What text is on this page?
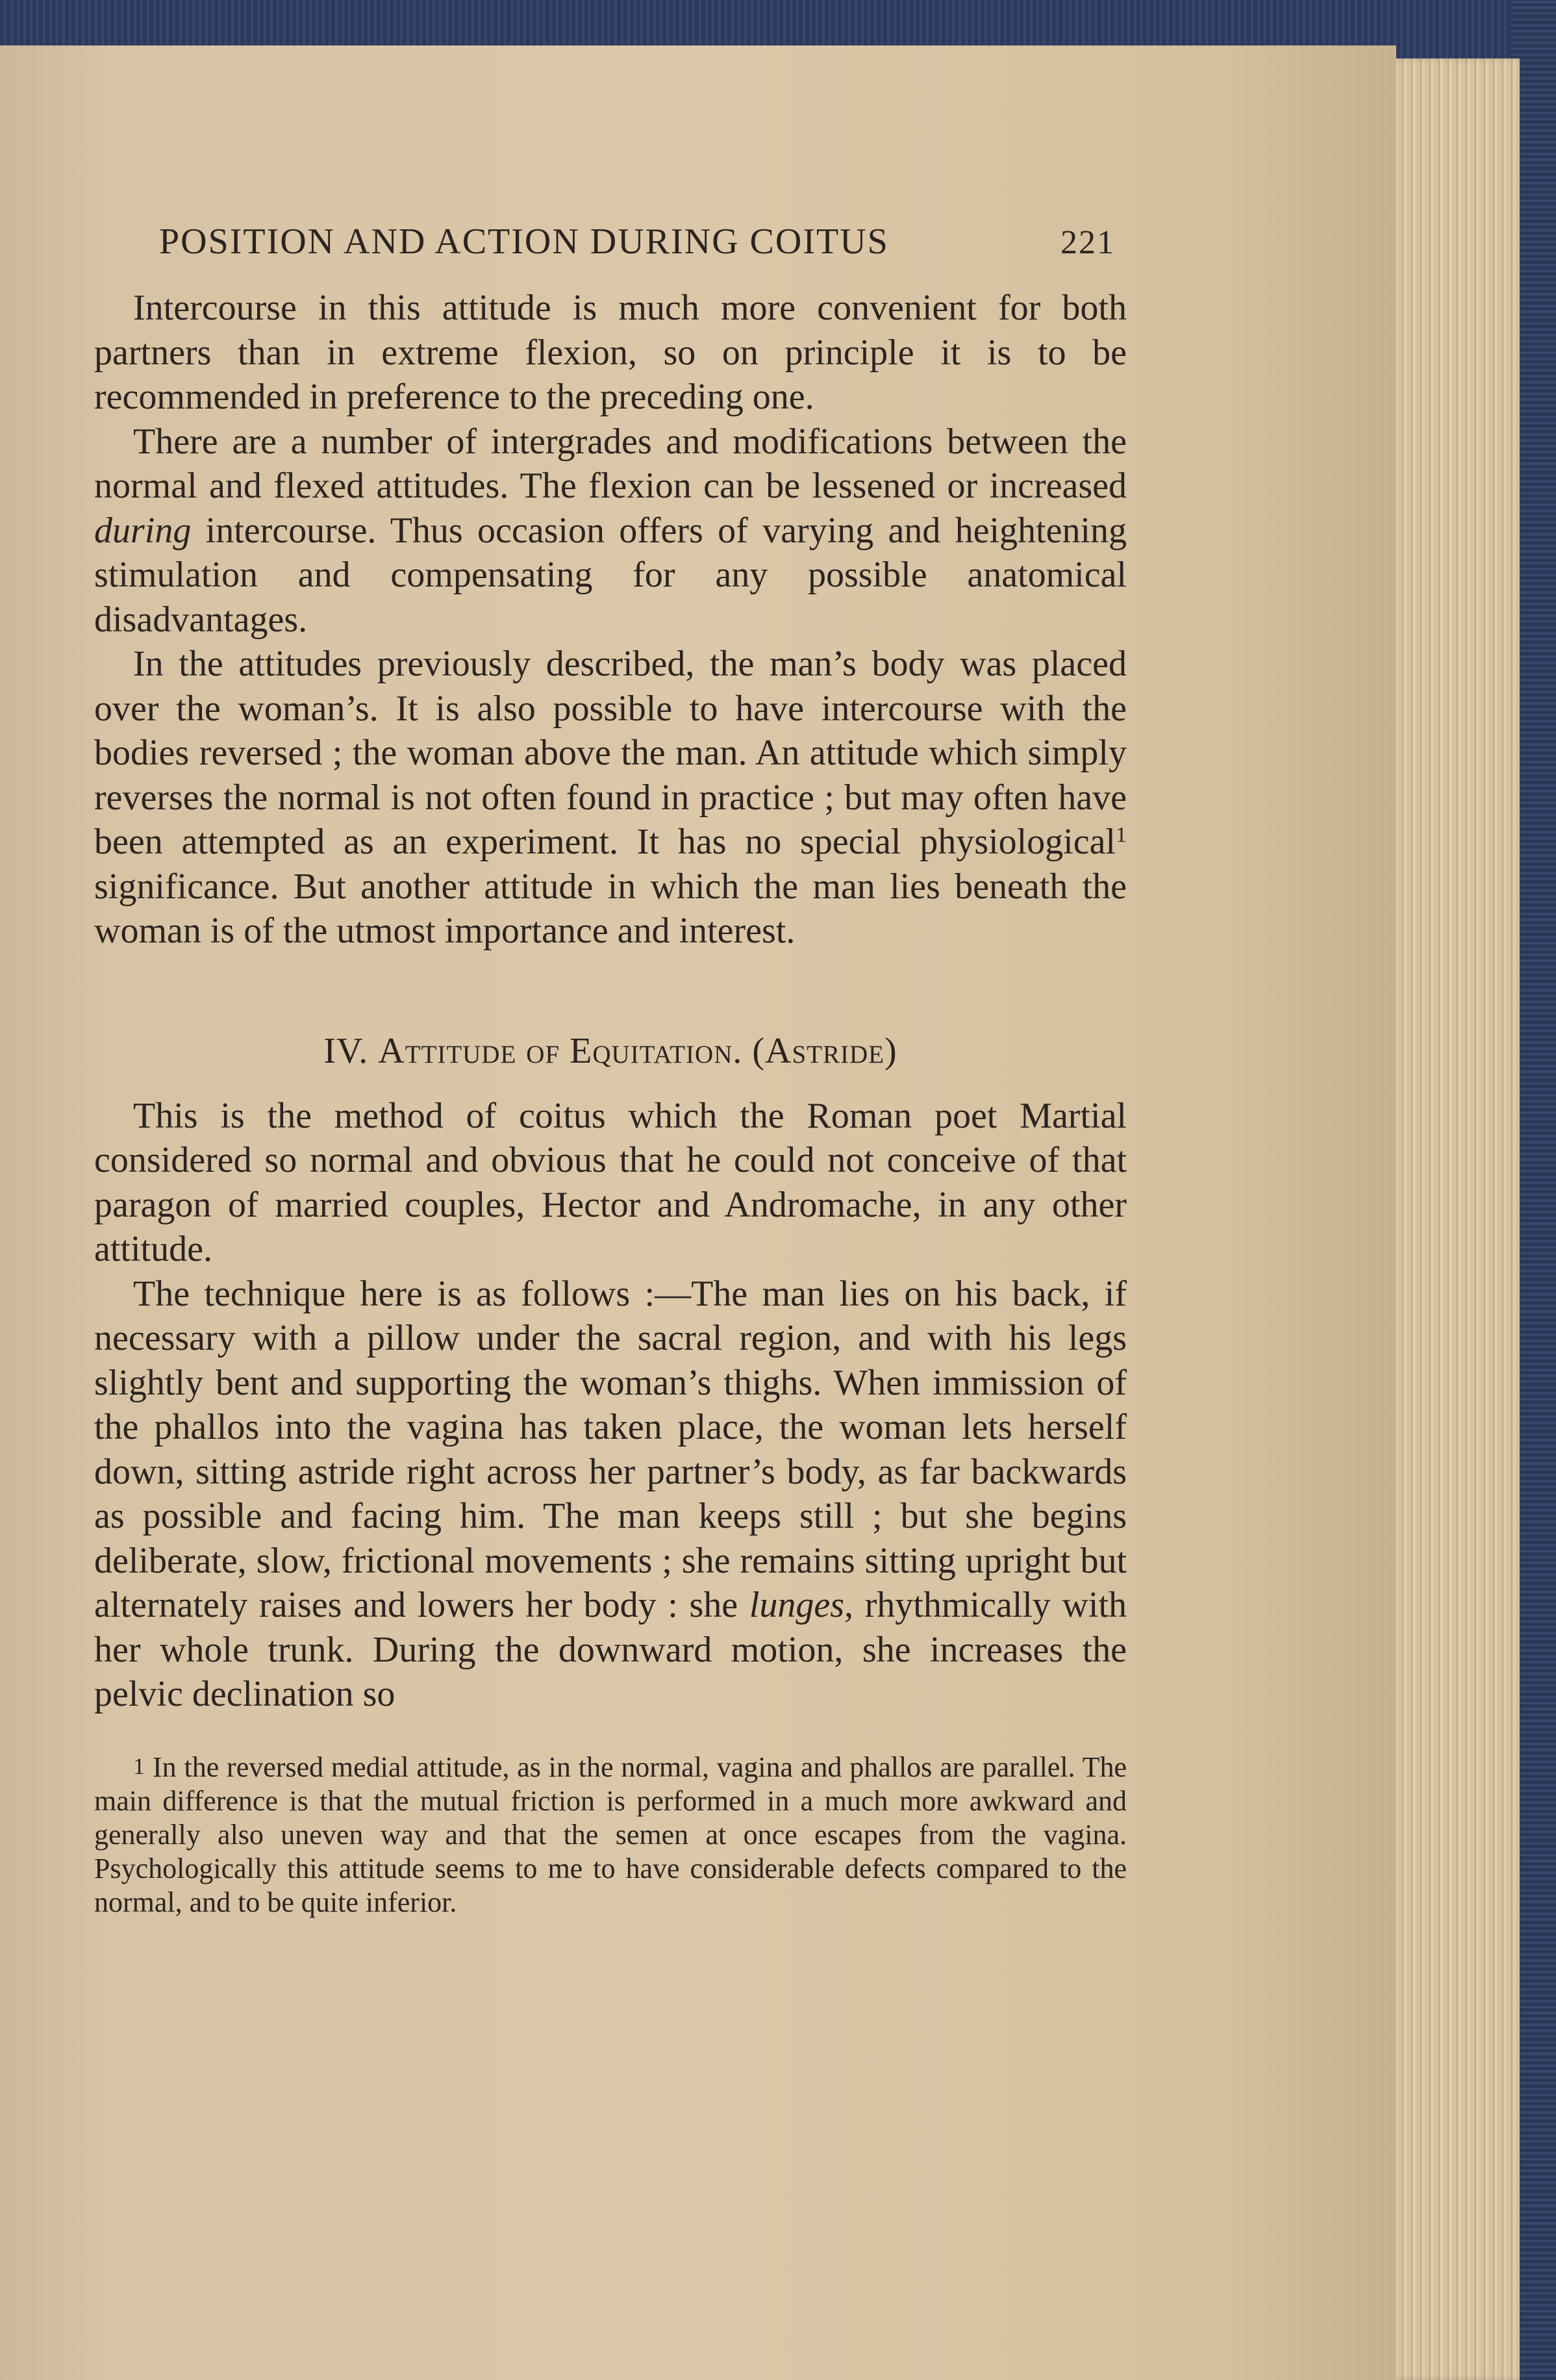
POSITION AND ACTION DURING COITUS	221

Intercourse in this attitude is much more convenient for both partners than in extreme flexion, so on principle it is to be recommended in preference to the preceding one.

There are a number of intergrades and modifications between the normal and flexed attitudes. The flexion can be lessened or increased during intercourse. Thus occasion offers of varying and heightening stimulation and compensating for any possible anatomical disadvantages.

In the attitudes previously described, the man’s body was placed over the woman’s. It is also possible to have intercourse with the bodies reversed ; the woman above the man. An attitude which simply reverses the normal is not often found in practice ; but may often have been attempted as an experiment. It has no special physiological$^1$ significance. But another attitude in which the man lies beneath the woman is of the utmost importance and interest.

IV. Attitude of Equitation. (Astride)

This is the method of coitus which the Roman poet Martial considered so normal and obvious that he could not conceive of that paragon of married couples, Hector and Andromache, in any other attitude.

The technique here is as follows :—The man lies on his back, if necessary with a pillow under the sacral region, and with his legs slightly bent and supporting the woman’s thighs. When immission of the phallos into the vagina has taken place, the woman lets herself down, sitting astride right across her partner’s body, as far backwards as possible and facing him. The man keeps still ; but she begins deliberate, slow, frictional movements ; she remains sitting upright but alternately raises and lowers her body : she lunges, rhythmically with her whole trunk. During the downward motion, she increases the pelvic declination so

1 In the reversed medial attitude, as in the normal, vagina and phallos are parallel. The main difference is that the mutual friction is performed in a much more awkward and generally also uneven way and that the semen at once escapes from the vagina. Psychologically this attitude seems to me to have considerable defects compared to the normal, and to be quite inferior.
